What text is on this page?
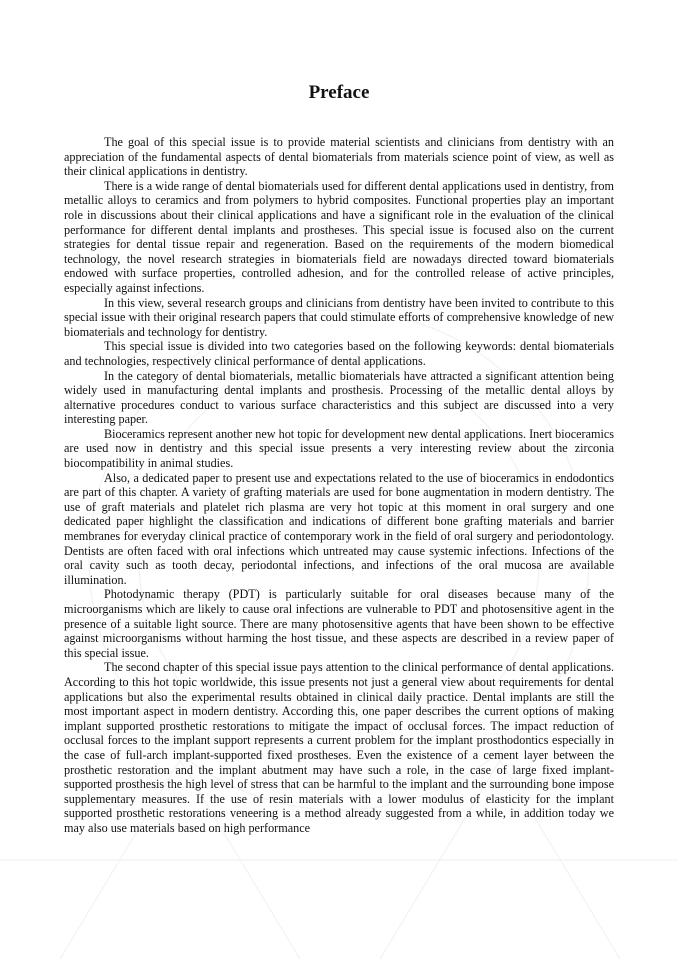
Preface

The goal of this special issue is to provide material scientists and clinicians from dentistry with an appreciation of the fundamental aspects of dental biomaterials from materials science point of view, as well as their clinical applications in dentistry.

There is a wide range of dental biomaterials used for different dental applications used in dentistry, from metallic alloys to ceramics and from polymers to hybrid composites. Functional properties play an important role in discussions about their clinical applications and have a significant role in the evaluation of the clinical performance for different dental implants and prostheses. This special issue is focused also on the current strategies for dental tissue repair and regeneration. Based on the requirements of the modern biomedical technology, the novel research strategies in biomaterials field are nowadays directed toward biomaterials endowed with surface properties, controlled adhesion, and for the controlled release of active principles, especially against infections.

In this view, several research groups and clinicians from dentistry have been invited to contribute to this special issue with their original research papers that could stimulate efforts of comprehensive knowledge of new biomaterials and technology for dentistry.

This special issue is divided into two categories based on the following keywords: dental biomaterials and technologies, respectively clinical performance of dental applications.

In the category of dental biomaterials, metallic biomaterials have attracted a significant attention being widely used in manufacturing dental implants and prosthesis. Processing of the metallic dental alloys by alternative procedures conduct to various surface characteristics and this subject are discussed into a very interesting paper.

Bioceramics represent another new hot topic for development new dental applications. Inert bioceramics are used now in dentistry and this special issue presents a very interesting review about the zirconia biocompatibility in animal studies.

Also, a dedicated paper to present use and expectations related to the use of bioceramics in endodontics are part of this chapter. A variety of grafting materials are used for bone augmentation in modern dentistry. The use of graft materials and platelet rich plasma are very hot topic at this moment in oral surgery and one dedicated paper highlight the classification and indications of different bone grafting materials and barrier membranes for everyday clinical practice of contemporary work in the field of oral surgery and periodontology. Dentists are often faced with oral infections which untreated may cause systemic infections. Infections of the oral cavity such as tooth decay, periodontal infections, and infections of the oral mucosa are available illumination.

Photodynamic therapy (PDT) is particularly suitable for oral diseases because many of the microorganisms which are likely to cause oral infections are vulnerable to PDT and photosensitive agent in the presence of a suitable light source. There are many photosensitive agents that have been shown to be effective against microorganisms without harming the host tissue, and these aspects are described in a review paper of this special issue.

The second chapter of this special issue pays attention to the clinical performance of dental applications. According to this hot topic worldwide, this issue presents not just a general view about requirements for dental applications but also the experimental results obtained in clinical daily practice. Dental implants are still the most important aspect in modern dentistry. According this, one paper describes the current options of making implant supported prosthetic restorations to mitigate the impact of occlusal forces. The impact reduction of occlusal forces to the implant support represents a current problem for the implant prosthodontics especially in the case of full-arch implant-supported fixed prostheses. Even the existence of a cement layer between the prosthetic restoration and the implant abutment may have such a role, in the case of large fixed implant-supported prosthesis the high level of stress that can be harmful to the implant and the surrounding bone impose supplementary measures. If the use of resin materials with a lower modulus of elasticity for the implant supported prosthetic restorations veneering is a method already suggested from a while, in addition today we may also use materials based on high performance
